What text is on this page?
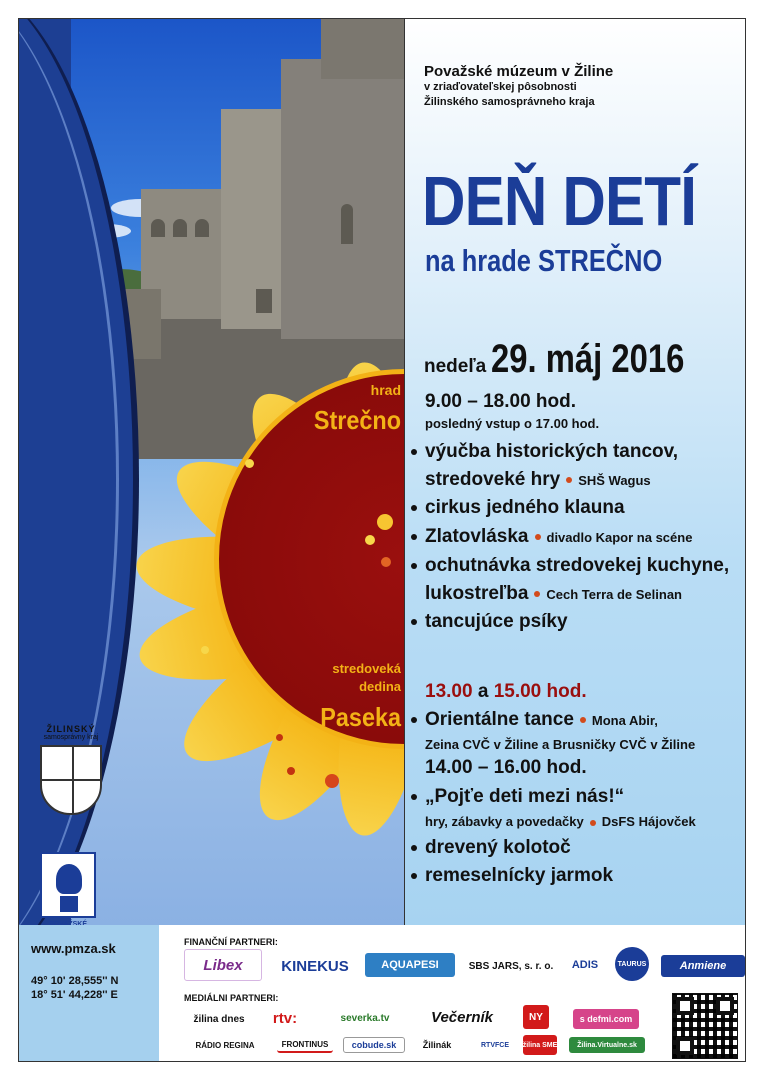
hrad
Strečno
stredoveká
dedina
Paseka
Považské múzeum v Žiline
v zriaďovateľskej pôsobnosti
Žilinského samosprávneho kraja
DEŇ DETÍ
na hrade STREČNO
nedeľa 29. máj 2016
9.00 – 18.00 hod.
posledný vstup o 17.00 hod.
výučba historických tancov,
stredoveké hry SHŠ Wagus
cirkus jedného klauna
Zlatovláska divadlo Kapor na scéne
ochutnávka stredovekej kuchyne,
lukostreľba Cech Terra de Selinan
tancujúce psíky
13.00 a 15.00 hod.
Orientálne tance Mona Abir,
Zeina CVČ v Žiline a Brusničky CVČ v Žiline
14.00 – 16.00 hod.
„Pojťe deti mezi nás!“
hry, zábavky a povedačky DsFS Hájovček
drevený kolotoč
remeselnícky jarmok
ŽILINSKÝ
samosprávny kraj
www.pmza.sk
49° 10' 28,555'' N
18° 51' 44,228'' E
FINANČNÍ PARTNERI:
Libex	KINEKUS	AQUAPESI	SBS JARS, s. r. o.	ADIS	TAURUS	Anmiene
MEDIÁLNI PARTNERI:
žilina dnes	rtv:	severka.tv	Večerník	NY	s defmi.com
RÁDIO REGINA	FRONTINUS	cobude.sk	Žilinák	RTVFCE	žilina SME	Žilina.Virtualne.sk
